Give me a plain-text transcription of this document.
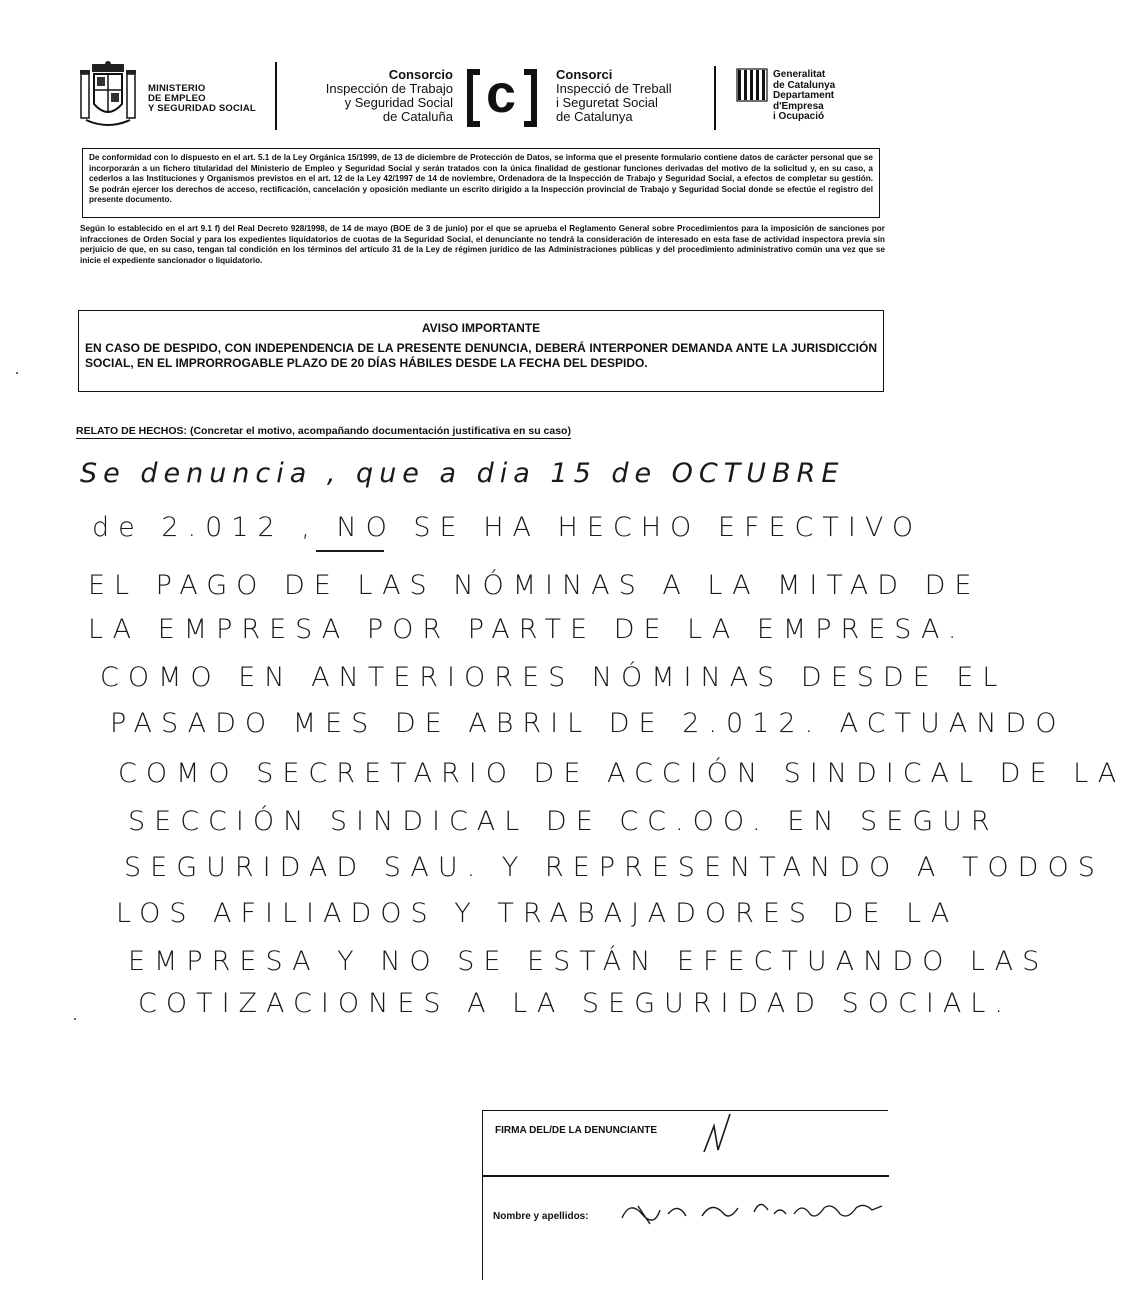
MINISTERIO
DE EMPLEO
Y SEGURIDAD SOCIAL
Consorcio
Inspección de Trabajo
y Seguridad Social
de Cataluña c	Consorci
Inspecció de Treball
i Seguretat Social
de Catalunya
Generalitat
de Catalunya
Departament
d'Empresa
i Ocupació
De conformidad con lo dispuesto en el art. 5.1 de la Ley Orgánica 15/1999, de 13 de diciembre de Protección de Datos, se informa que el presente formulario contiene datos de carácter personal que se incorporarán a un fichero titularidad del Ministerio de Empleo y Seguridad Social y serán tratados con la única finalidad de gestionar funciones derivadas del motivo de la solicitud y, en su caso, a cederlos a las Instituciones y Organismos previstos en el art. 12 de la Ley 42/1997 de 14 de noviembre, Ordenadora de la Inspección de Trabajo y Seguridad Social, a efectos de completar su gestión. Se podrán ejercer los derechos de acceso, rectificación, cancelación y oposición mediante un escrito dirigido a la Inspección provincial de Trabajo y Seguridad Social donde se efectúe el registro del presente documento.
Según lo establecido en el art 9.1 f) del Real Decreto 928/1998, de 14 de mayo (BOE de 3 de junio) por el que se aprueba el Reglamento General sobre Procedimientos para la imposición de sanciones por infracciones de Orden Social y para los expedientes liquidatorios de cuotas de la Seguridad Social, el denunciante no tendrá la consideración de interesado en esta fase de actividad inspectora previa sin perjuicio de que, en su caso, tengan tal condición en los términos del artículo 31 de la Ley de régimen jurídico de las Administraciones públicas y del procedimiento administrativo común una vez que se inicie el expediente sancionador o liquidatorio.
AVISO IMPORTANTE
EN CASO DE DESPIDO, CON INDEPENDENCIA DE LA PRESENTE DENUNCIA, DEBERÁ INTERPONER DEMANDA ANTE LA JURISDICCIÓN SOCIAL, EN EL IMPRORROGABLE PLAZO DE 20 DÍAS HÁBILES DESDE LA FECHA DEL DESPIDO.
RELATO DE HECHOS: (Concretar el motivo, acompañando documentación justificativa en su caso)
Se denuncia , que a dia 15 de OCTUBRE
de 2.012 , NO SE HA HECHO EFECTIVO
EL PAGO DE LAS NÓMINAS A LA MITAD DE
LA EMPRESA POR PARTE DE LA EMPRESA.
COMO EN ANTERIORES NÓMINAS DESDE EL
PASADO MES DE ABRIL DE 2.012. ACTUANDO
COMO SECRETARIO DE ACCIÓN SINDICAL DE LA
SECCIÓN SINDICAL DE CC.OO. EN SEGUR
SEGURIDAD SAU. Y REPRESENTANDO A TODOS
LOS AFILIADOS Y TRABAJADORES DE LA
EMPRESA Y NO SE ESTÁN EFECTUANDO LAS
COTIZACIONES A LA SEGURIDAD SOCIAL.
FIRMA DEL/DE LA DENUNCIANTE
Nombre y apellidos:
